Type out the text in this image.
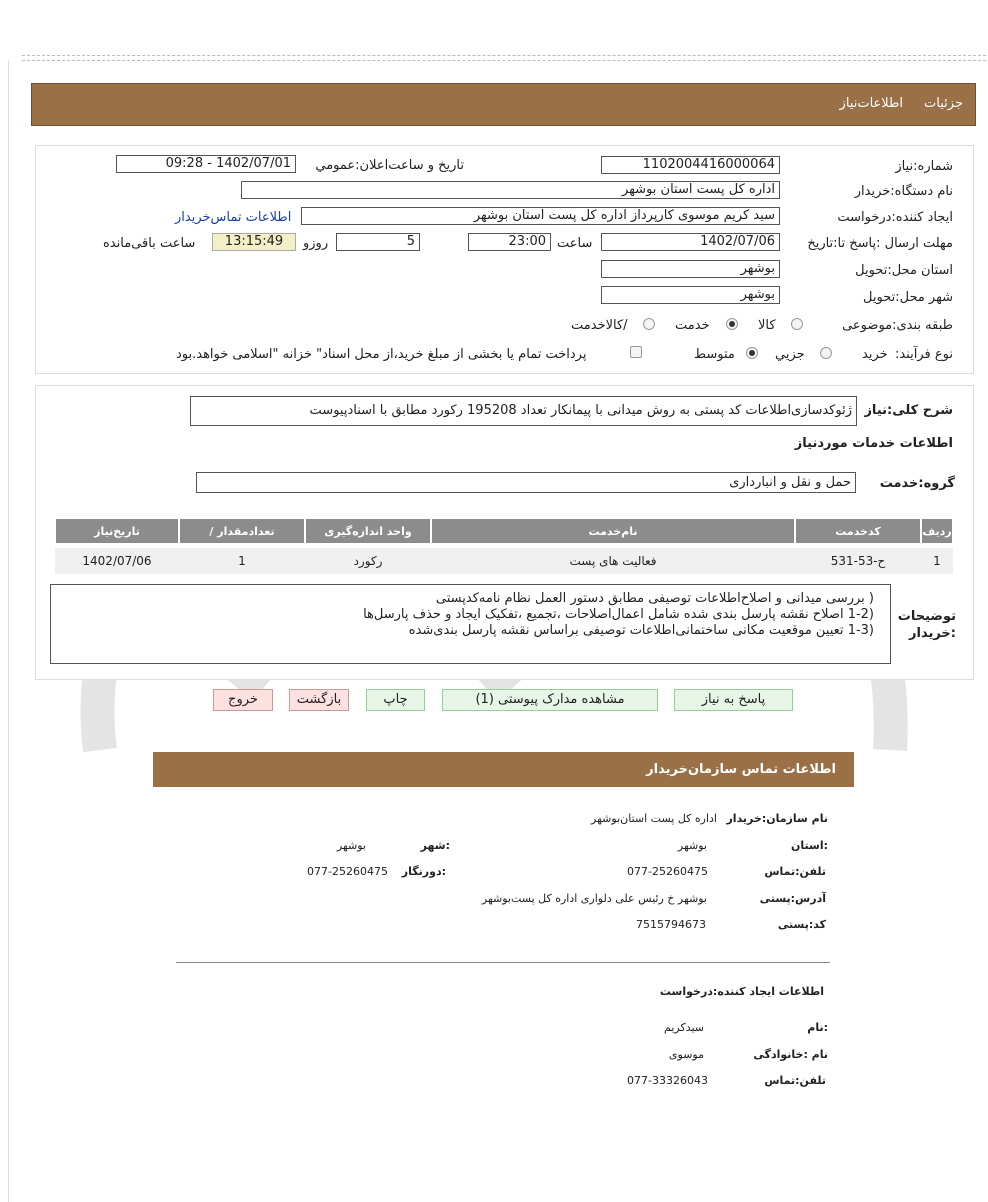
جزئیات
اطلاعات‌نیاز
شماره:نیاز
1102004416000064
تاریخ و ساعت‌اعلان:عمومي
1402/07/01 - 09:28
نام دستگاه:خریدار
اداره کل پست استان بوشهر
ایجاد کننده:درخواست
سید کریم موسوی کارپرداز اداره کل پست استان بوشهر
اطلاعات تماس‌خریدار
مهلت ارسال :پاسخ تا:تاریخ
1402/07/06
ساعت
23:00
5
روزو
13:15:49
ساعت باقی‌مانده
استان محل:تحویل
بوشهر
شهر محل:تحویل
بوشهر
طبقه بندی:موضوعی
کالا
خدمت
/کالاخدمت
نوع فرآیند:
خرید
جزيي
متوسط
پرداخت تمام یا بخشی از مبلغ خرید،از محل اسناد" خزانه "اسلامی خواهد.بود
شرح کلی:نیاز
ژئوکدسازی‌اطلاعات کد پستی به روش میدانی با پیمانکار تعداد 195208 رکورد مطابق با اسنادپیوست
اطلاعات خدمات موردنیاز
گروه:خدمت
حمل و نقل و انبارداری
ردیف
کدخدمت
نام‌خدمت
واحد اندازه‌گیری
/ تعدادمقدار
تاریخ‌نیاز
1
ح-53-531
فعالیت های پست
رکورد
1
1402/07/06
توضیحات :خریدار
( بررسی میدانی و اصلاح‌اطلاعات توصیفی مطابق دستور العمل نظام نامه‌کدپستی
(1-2 اصلاح نقشه پارسل بندی شده شامل اعمال‌اصلاحات ،تجمیع ،تفکیک ایجاد و حذف پارسل‌ها
(1-3 تعیین موقعیت مکانی ساختمانی‌اطلاعات توصیفی براساس نقشه پارسل بندی‌شده
پاسخ به نیاز
مشاهده مدارک پیوستی (1)
چاپ
بازگشت
خروج
اطلاعات تماس سازمان‌خریدار
نام سازمان:خریدار
اداره کل پست استان‌بوشهر
:استان
بوشهر
:شهر
بوشهر
تلفن:تماس
077-25260475
:دورنگار
077-25260475
آدرس:پستی
بوشهر خ رئیس علی دلواری اداره کل پست‌بوشهر
کد:پستی
7515794673
اطلاعات ایجاد کننده:درخواست
:نام
سیدکریم
نام :خانوادگی
موسوی
تلفن:تماس
077-33326043
